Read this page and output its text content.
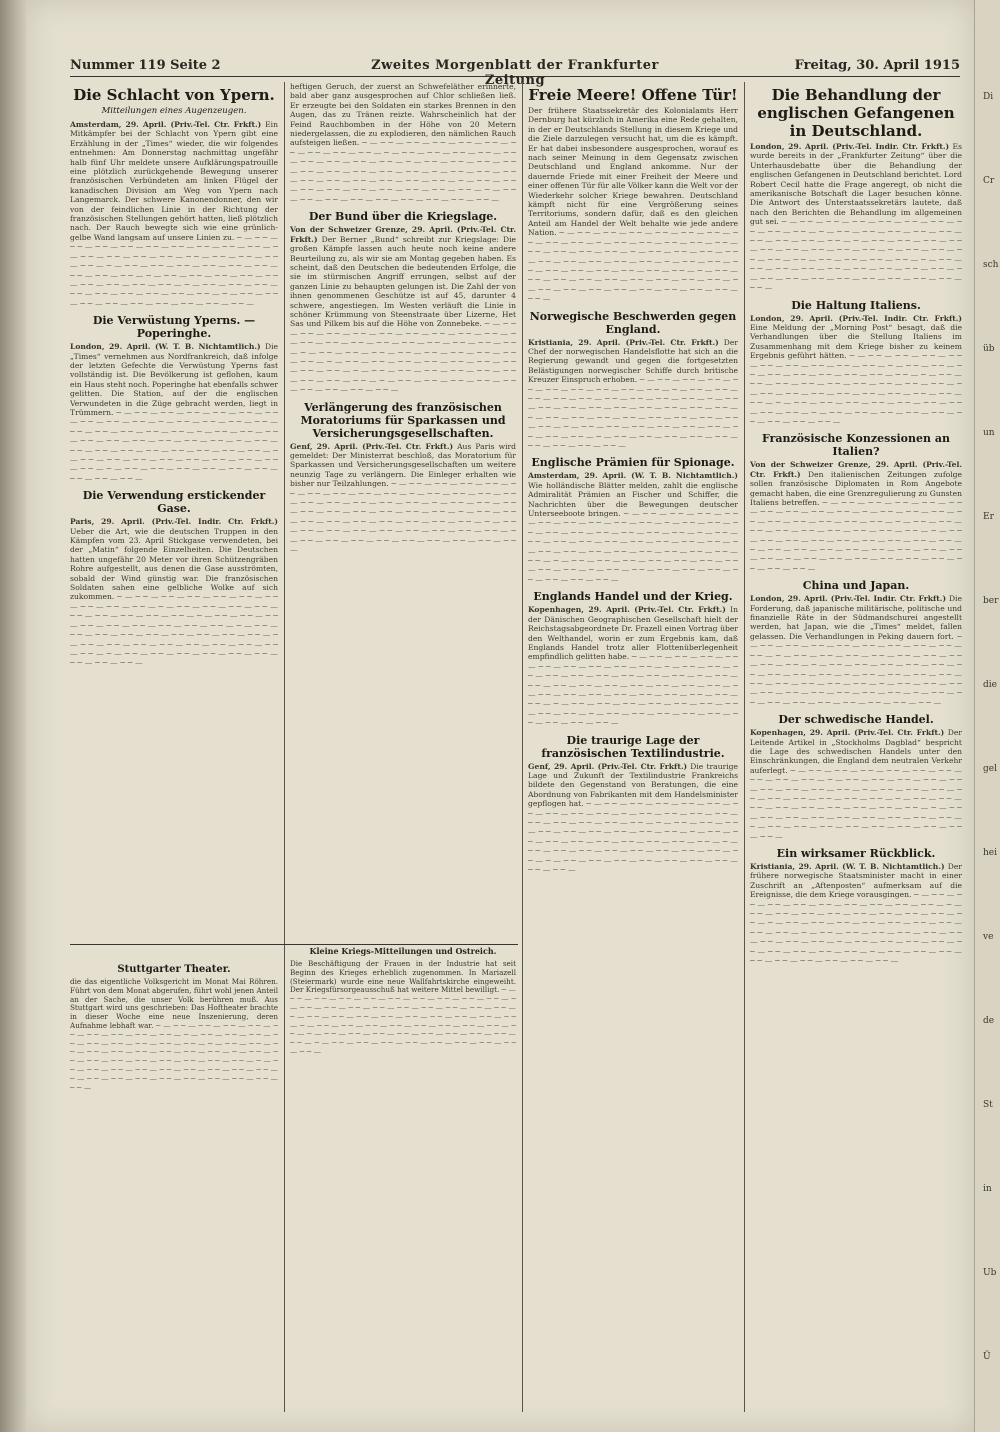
Di
Cr
sch
üb
un
Er
ber
die
gel
hei
ve
de
St
in
Ub
Ü
Nummer 119 Seite 2	Zweites Morgenblatt der Frankfurter Zeitung
Freitag, 30. April 1915
Die Schlacht von Ypern.
Mitteilungen eines Augenzeugen.
Amsterdam, 29. April. (Priv.-Tel. Ctr. Frkft.) Ein Mitkämpfer bei der Schlacht von Ypern gibt eine Erzählung in der „Times“ wieder, die wir folgendes entnehmen: Am Donnerstag nachmittag ungefähr halb fünf Uhr meldete unsere Aufklärungspatrouille eine plötzlich zurückgehende Bewegung unserer französischen Verbündeten am linken Flügel der kanadischen Division am Weg von Ypern nach Langemarck. Der schwere Kanonendonner, den wir von der feindlichen Linie in der Richtung der französischen Stellungen gehört hatten, ließ plötzlich nach. Der Rauch bewegte sich wie eine grünlich-gelbe Wand langsam auf unsere Linien zu. ─ — ─ ─ — ─ ─ — ─ ─ — ─ ─ — ─ ─ — ─ ─ — ─ ─ — ─ ─ — ─ ─ — ─ — ─ ─ — ─ ─ — ─ ─ — ─ ─ — ─ ─ — ─ ─ — ─ ─ — ─ ─ — ─ ─ — ─ — ─ ─ — ─ ─ — ─ ─ — ─ ─ — ─ ─ — ─ ─ — ─ ─ — ─ ─ — ─ ─ — ─ — ─ ─ — ─ ─ — ─ ─ — ─ ─ — ─ ─ — ─ ─ — ─ ─ — ─ ─ — ─ ─ — ─ — ─ ─ — ─ ─ — ─ ─ — ─ ─ — ─ ─ — ─ ─ — ─ ─ — ─ ─ — ─ ─ — ─ — ─ ─ — ─ ─ — ─ ─ — ─ ─ — ─ ─ — ─ ─ — ─ ─ — ─ ─ — ─ ─ —
Die Verwüstung Yperns. — Poperinghe.
London, 29. April. (W. T. B. Nichtamtlich.) Die „Times“ vernehmen aus Nordfrankreich, daß infolge der letzten Gefechte die Verwüstung Yperns fast vollständig ist. Die Bevölkerung ist geflohen, kaum ein Haus steht noch. Poperinghe hat ebenfalls schwer gelitten. Die Station, auf der die englischen Verwundeten in die Züge gebracht werden, liegt in Trümmern. ─ — ─ ─ — ─ ─ — ─ ─ — ─ ─ — ─ ─ — ─ ─ — ─ ─ — ─ ─ — ─ ─ — ─ — ─ ─ — ─ ─ — ─ ─ — ─ ─ — ─ ─ — ─ ─ — ─ ─ — ─ ─ — ─ ─ — ─ — ─ ─ — ─ ─ — ─ ─ — ─ ─ — ─ ─ — ─ ─ — ─ ─ — ─ ─ — ─ ─ — ─ — ─ ─ — ─ ─ — ─ ─ — ─ ─ — ─ ─ — ─ ─ — ─ ─ — ─ ─ — ─ ─ — ─ — ─ ─ — ─ ─ — ─ ─ — ─ ─ — ─ ─ — ─ ─ — ─ ─ — ─ ─ — ─ ─ — ─ — ─ ─ — ─ ─ — ─ ─ — ─ ─ — ─ ─ — ─ ─ — ─ ─ — ─ ─ — ─ ─ —
Die Verwendung erstickender Gase.
Paris, 29. April. (Priv.-Tel. Indir. Ctr. Frkft.) Ueber die Art, wie die deutschen Truppen in den Kämpfen vom 23. April Stickgase verwendeten, bei der „Matin“ folgende Einzelheiten. Die Deutschen hatten ungefähr 20 Meter vor ihren Schützengräben Rohre aufgestellt, aus denen die Gase ausströmten, sobald der Wind günstig war. Die französischen Soldaten sahen eine gelbliche Wolke auf sich zukommen. ─ — ─ ─ — ─ ─ — ─ ─ — ─ ─ — ─ ─ — ─ ─ — ─ ─ — ─ ─ — ─ ─ — ─ — ─ ─ — ─ ─ — ─ ─ — ─ ─ — ─ ─ — ─ ─ — ─ ─ — ─ ─ — ─ ─ — ─ — ─ ─ — ─ ─ — ─ ─ — ─ ─ — ─ ─ — ─ ─ — ─ ─ — ─ ─ — ─ ─ — ─ — ─ ─ — ─ ─ — ─ ─ — ─ ─ — ─ ─ — ─ ─ — ─ ─ — ─ ─ — ─ ─ — ─ — ─ ─ — ─ ─ — ─ ─ — ─ ─ — ─ ─ — ─ ─ — ─ ─ — ─ ─ — ─ ─ — ─ — ─ ─ — ─ ─ — ─ ─ — ─ ─ — ─ ─ — ─ ─ — ─ ─ — ─ ─ — ─ ─ —
heftigen Geruch, der zuerst an Schwefeläther erinnerte, bald aber ganz ausgesprochen auf Chlor schließen ließ. Er erzeugte bei den Soldaten ein starkes Brennen in den Augen, das zu Tränen reizte. Wahrscheinlich hat der Feind Rauchbomben in der Höhe von 20 Metern niedergelassen, die zu explodieren, den nämlichen Rauch aufsteigen ließen. ─ — ─ ─ — ─ ─ — ─ ─ — ─ ─ — ─ ─ — ─ ─ — ─ ─ — ─ ─ — ─ ─ — ─ — ─ ─ — ─ ─ — ─ ─ — ─ ─ — ─ ─ — ─ ─ — ─ ─ — ─ ─ — ─ ─ — ─ — ─ ─ — ─ ─ — ─ ─ — ─ ─ — ─ ─ — ─ ─ — ─ ─ — ─ ─ — ─ ─ — ─ — ─ ─ — ─ ─ — ─ ─ — ─ ─ — ─ ─ — ─ ─ — ─ ─ — ─ ─ — ─ ─ — ─ — ─ ─ — ─ ─ — ─ ─ — ─ ─ — ─ ─ — ─ ─ — ─ ─ — ─ ─ — ─ ─ — ─ — ─ ─ — ─ ─ — ─ ─ — ─ ─ — ─ ─ — ─ ─ — ─ ─ — ─ ─ — ─ ─ —
Der Bund über die Kriegslage.
Von der Schweizer Grenze, 29. April. (Priv.-Tel. Ctr. Frkft.) Der Berner „Bund“ schreibt zur Kriegslage: Die großen Kämpfe lassen auch heute noch keine andere Beurteilung zu, als wir sie am Montag gegeben haben. Es scheint, daß den Deutschen die bedeutenden Erfolge, die sie im stürmischen Angriff errungen, selbst auf der ganzen Linie zu behaupten gelungen ist. Die Zahl der von ihnen genommenen Geschütze ist auf 45, darunter 4 schwere, angestiegen. Im Westen verläuft die Linie in schöner Krümmung von Steenstraate über Lizerne, Het Sas und Pilkem bis auf die Höhe von Zonnebeke. ─ — ─ ─ — ─ ─ — ─ ─ — ─ ─ — ─ ─ — ─ ─ — ─ ─ — ─ ─ — ─ ─ — ─ — ─ ─ — ─ ─ — ─ ─ — ─ ─ — ─ ─ — ─ ─ — ─ ─ — ─ ─ — ─ ─ — ─ — ─ ─ — ─ ─ — ─ ─ — ─ ─ — ─ ─ — ─ ─ — ─ ─ — ─ ─ — ─ ─ — ─ — ─ ─ — ─ ─ — ─ ─ — ─ ─ — ─ ─ — ─ ─ — ─ ─ — ─ ─ — ─ ─ — ─ — ─ ─ — ─ ─ — ─ ─ — ─ ─ — ─ ─ — ─ ─ — ─ ─ — ─ ─ — ─ ─ — ─ — ─ ─ — ─ ─ — ─ ─ — ─ ─ — ─ ─ — ─ ─ — ─ ─ — ─ ─ — ─ ─ —
Verlängerung des französischen Moratoriums für Sparkassen und Versicherungsgesellschaften.
Genf, 29. April. (Priv.-Tel. Ctr. Frkft.) Aus Paris wird gemeldet: Der Ministerrat beschloß, das Moratorium für Sparkassen und Versicherungsgesellschaften um weitere neunzig Tage zu verlängern. Die Einleger erhalten wie bisher nur Teilzahlungen. ─ — ─ ─ — ─ ─ — ─ ─ — ─ ─ — ─ ─ — ─ ─ — ─ ─ — ─ ─ — ─ ─ — ─ — ─ ─ — ─ ─ — ─ ─ — ─ ─ — ─ ─ — ─ ─ — ─ ─ — ─ ─ — ─ ─ — ─ — ─ ─ — ─ ─ — ─ ─ — ─ ─ — ─ ─ — ─ ─ — ─ ─ — ─ ─ — ─ ─ — ─ — ─ ─ — ─ ─ — ─ ─ — ─ ─ — ─ ─ — ─ ─ — ─ ─ — ─ ─ — ─ ─ — ─ — ─ ─ — ─ ─ — ─ ─ — ─ ─ — ─ ─ — ─ ─ — ─ ─ — ─ ─ — ─ ─ — ─ — ─ ─ — ─ ─ — ─ ─ — ─ ─ — ─ ─ — ─ ─ — ─ ─ — ─ ─ — ─ ─ —
Freie Meere! Offene Tür!
Der frühere Staatssekretär des Kolonialamts Herr Dernburg hat kürzlich in Amerika eine Rede gehalten, in der er Deutschlands Stellung in diesem Kriege und die Ziele darzulegen versucht hat, um die es kämpft. Er hat dabei insbesondere ausgesprochen, worauf es nach seiner Meinung in dem Gegensatz zwischen Deutschland und England ankomme. Nur der dauernde Friede mit einer Freiheit der Meere und einer offenen Tür für alle Völker kann die Welt vor der Wiederkehr solcher Kriege bewahren. Deutschland kämpft nicht für eine Vergrößerung seines Territoriums, sondern dafür, daß es den gleichen Anteil am Handel der Welt behalte wie jede andere Nation. ─ — ─ ─ — ─ ─ — ─ ─ — ─ ─ — ─ ─ — ─ ─ — ─ ─ — ─ ─ — ─ ─ — ─ — ─ ─ — ─ ─ — ─ ─ — ─ ─ — ─ ─ — ─ ─ — ─ ─ — ─ ─ — ─ ─ — ─ — ─ ─ — ─ ─ — ─ ─ — ─ ─ — ─ ─ — ─ ─ — ─ ─ — ─ ─ — ─ ─ — ─ — ─ ─ — ─ ─ — ─ ─ — ─ ─ — ─ ─ — ─ ─ — ─ ─ — ─ ─ — ─ ─ — ─ — ─ ─ — ─ ─ — ─ ─ — ─ ─ — ─ ─ — ─ ─ — ─ ─ — ─ ─ — ─ ─ — ─ — ─ ─ — ─ ─ — ─ ─ — ─ ─ — ─ ─ — ─ ─ — ─ ─ — ─ ─ — ─ ─ —
Norwegische Beschwerden gegen England.
Kristiania, 29. April. (Priv.-Tel. Ctr. Frkft.) Der Chef der norwegischen Handelsflotte hat sich an die Regierung gewandt und gegen die fortgesetzten Belästigungen norwegischer Schiffe durch britische Kreuzer Einspruch erhoben. ─ — ─ ─ — ─ ─ — ─ ─ — ─ ─ — ─ ─ — ─ ─ — ─ ─ — ─ ─ — ─ ─ — ─ — ─ ─ — ─ ─ — ─ ─ — ─ ─ — ─ ─ — ─ ─ — ─ ─ — ─ ─ — ─ ─ — ─ — ─ ─ — ─ ─ — ─ ─ — ─ ─ — ─ ─ — ─ ─ — ─ ─ — ─ ─ — ─ ─ — ─ — ─ ─ — ─ ─ — ─ ─ — ─ ─ — ─ ─ — ─ ─ — ─ ─ — ─ ─ — ─ ─ — ─ — ─ ─ — ─ ─ — ─ ─ — ─ ─ — ─ ─ — ─ ─ — ─ ─ — ─ ─ — ─ ─ — ─ — ─ ─ — ─ ─ — ─ ─ — ─ ─ — ─ ─ — ─ ─ — ─ ─ — ─ ─ — ─ ─ —
Englische Prämien für Spionage.
Amsterdam, 29. April. (W. T. B. Nichtamtlich.) Wie holländische Blätter melden, zahlt die englische Admiralität Prämien an Fischer und Schiffer, die Nachrichten über die Bewegungen deutscher Unterseeboote bringen. ─ — ─ ─ — ─ ─ — ─ ─ — ─ ─ — ─ ─ — ─ ─ — ─ ─ — ─ ─ — ─ ─ — ─ — ─ ─ — ─ ─ — ─ ─ — ─ ─ — ─ ─ — ─ ─ — ─ ─ — ─ ─ — ─ ─ — ─ — ─ ─ — ─ ─ — ─ ─ — ─ ─ — ─ ─ — ─ ─ — ─ ─ — ─ ─ — ─ ─ — ─ — ─ ─ — ─ ─ — ─ ─ — ─ ─ — ─ ─ — ─ ─ — ─ ─ — ─ ─ — ─ ─ — ─ — ─ ─ — ─ ─ — ─ ─ — ─ ─ — ─ ─ — ─ ─ — ─ ─ — ─ ─ — ─ ─ — ─ — ─ ─ — ─ ─ — ─ ─ — ─ ─ — ─ ─ — ─ ─ — ─ ─ — ─ ─ — ─ ─ —
Englands Handel und der Krieg.
Kopenhagen, 29. April. (Priv.-Tel. Ctr. Frkft.) In der Dänischen Geographischen Gesellschaft hielt der Reichstagsabgeordnete Dr. Frazell einen Vortrag über den Welthandel, worin er zum Ergebnis kam, daß Englands Handel trotz aller Flottenüberlegenheit empfindlich gelitten habe. ─ — ─ ─ — ─ ─ — ─ ─ — ─ ─ — ─ ─ — ─ ─ — ─ ─ — ─ ─ — ─ ─ — ─ — ─ ─ — ─ ─ — ─ ─ — ─ ─ — ─ ─ — ─ ─ — ─ ─ — ─ ─ — ─ ─ — ─ — ─ ─ — ─ ─ — ─ ─ — ─ ─ — ─ ─ — ─ ─ — ─ ─ — ─ ─ — ─ ─ — ─ — ─ ─ — ─ ─ — ─ ─ — ─ ─ — ─ ─ — ─ ─ — ─ ─ — ─ ─ — ─ ─ — ─ — ─ ─ — ─ ─ — ─ ─ — ─ ─ — ─ ─ — ─ ─ — ─ ─ — ─ ─ — ─ ─ — ─ — ─ ─ — ─ ─ — ─ ─ — ─ ─ — ─ ─ — ─ ─ — ─ ─ — ─ ─ — ─ ─ —
Die traurige Lage der französischen Textilindustrie.
Genf, 29. April. (Priv.-Tel. Ctr. Frkft.) Die traurige Lage und Zukunft der Textilindustrie Frankreichs bildete den Gegenstand von Beratungen, die eine Abordnung von Fabrikanten mit dem Handelsminister gepflogen hat. ─ — ─ ─ — ─ ─ — ─ ─ — ─ ─ — ─ ─ — ─ ─ — ─ ─ — ─ ─ — ─ ─ — ─ — ─ ─ — ─ ─ — ─ ─ — ─ ─ — ─ ─ — ─ ─ — ─ ─ — ─ ─ — ─ ─ — ─ — ─ ─ — ─ ─ — ─ ─ — ─ ─ — ─ ─ — ─ ─ — ─ ─ — ─ ─ — ─ ─ — ─ — ─ ─ — ─ ─ — ─ ─ — ─ ─ — ─ ─ — ─ ─ — ─ ─ — ─ ─ — ─ ─ — ─ — ─ ─ — ─ ─ — ─ ─ — ─ ─ — ─ ─ — ─ ─ — ─ ─ — ─ ─ — ─ ─ — ─ — ─ ─ — ─ ─ — ─ ─ — ─ ─ — ─ ─ — ─ ─ — ─ ─ — ─ ─ — ─ ─ —
Die Behandlung der englischen Gefangenen in Deutschland.
London, 29. April. (Priv.-Tel. Indir. Ctr. Frkft.) Es wurde bereits in der „Frankfurter Zeitung“ über die Unterhausdebatte über die Behandlung der englischen Gefangenen in Deutschland berichtet. Lord Robert Cecil hatte die Frage angeregt, ob nicht die amerikanische Botschaft die Lager besuchen könne. Die Antwort des Unterstaatssekretärs lautete, daß nach den Berichten die Behandlung im allgemeinen gut sei. ─ — ─ ─ — ─ ─ — ─ ─ — ─ ─ — ─ ─ — ─ ─ — ─ ─ — ─ ─ — ─ ─ — ─ — ─ ─ — ─ ─ — ─ ─ — ─ ─ — ─ ─ — ─ ─ — ─ ─ — ─ ─ — ─ ─ — ─ — ─ ─ — ─ ─ — ─ ─ — ─ ─ — ─ ─ — ─ ─ — ─ ─ — ─ ─ — ─ ─ — ─ — ─ ─ — ─ ─ — ─ ─ — ─ ─ — ─ ─ — ─ ─ — ─ ─ — ─ ─ — ─ ─ — ─ — ─ ─ — ─ ─ — ─ ─ — ─ ─ — ─ ─ — ─ ─ — ─ ─ — ─ ─ — ─ ─ — ─ — ─ ─ — ─ ─ — ─ ─ — ─ ─ — ─ ─ — ─ ─ — ─ ─ — ─ ─ — ─ ─ —
Die Haltung Italiens.
London, 29. April. (Priv.-Tel. Indir. Ctr. Frkft.) Eine Meldung der „Morning Post“ besagt, daß die Verhandlungen über die Stellung Italiens im Zusammenhang mit dem Kriege bisher zu keinem Ergebnis geführt hätten. ─ — ─ ─ — ─ ─ — ─ ─ — ─ ─ — ─ ─ — ─ ─ — ─ ─ — ─ ─ — ─ ─ — ─ — ─ ─ — ─ ─ — ─ ─ — ─ ─ — ─ ─ — ─ ─ — ─ ─ — ─ ─ — ─ ─ — ─ — ─ ─ — ─ ─ — ─ ─ — ─ ─ — ─ ─ — ─ ─ — ─ ─ — ─ ─ — ─ ─ — ─ — ─ ─ — ─ ─ — ─ ─ — ─ ─ — ─ ─ — ─ ─ — ─ ─ — ─ ─ — ─ ─ — ─ — ─ ─ — ─ ─ — ─ ─ — ─ ─ — ─ ─ — ─ ─ — ─ ─ — ─ ─ — ─ ─ — ─ — ─ ─ — ─ ─ — ─ ─ — ─ ─ — ─ ─ — ─ ─ — ─ ─ — ─ ─ — ─ ─ —
Französische Konzessionen an Italien?
Von der Schweizer Grenze, 29. April. (Priv.-Tel. Ctr. Frkft.) Den italienischen Zeitungen zufolge sollen französische Diplomaten in Rom Angebote gemacht haben, die eine Grenzregulierung zu Gunsten Italiens betreffen. ─ — ─ ─ — ─ ─ — ─ ─ — ─ ─ — ─ ─ — ─ ─ — ─ ─ — ─ ─ — ─ ─ — ─ — ─ ─ — ─ ─ — ─ ─ — ─ ─ — ─ ─ — ─ ─ — ─ ─ — ─ ─ — ─ ─ — ─ — ─ ─ — ─ ─ — ─ ─ — ─ ─ — ─ ─ — ─ ─ — ─ ─ — ─ ─ — ─ ─ — ─ — ─ ─ — ─ ─ — ─ ─ — ─ ─ — ─ ─ — ─ ─ — ─ ─ — ─ ─ — ─ ─ — ─ — ─ ─ — ─ ─ — ─ ─ — ─ ─ — ─ ─ — ─ ─ — ─ ─ — ─ ─ — ─ ─ — ─ — ─ ─ — ─ ─ — ─ ─ — ─ ─ — ─ ─ — ─ ─ — ─ ─ — ─ ─ — ─ ─ —
China und Japan.
London, 29. April. (Priv.-Tel. Indir. Ctr. Frkft.) Die Forderung, daß japanische militärische, politische und finanzielle Räte in der Südmandschurei angestellt werden, hat Japan, wie die „Times“ meldet, fallen gelassen. Die Verhandlungen in Peking dauern fort. ─ — ─ ─ — ─ ─ — ─ ─ — ─ ─ — ─ ─ — ─ ─ — ─ ─ — ─ ─ — ─ ─ — ─ — ─ ─ — ─ ─ — ─ ─ — ─ ─ — ─ ─ — ─ ─ — ─ ─ — ─ ─ — ─ ─ — ─ — ─ ─ — ─ ─ — ─ ─ — ─ ─ — ─ ─ — ─ ─ — ─ ─ — ─ ─ — ─ ─ — ─ — ─ ─ — ─ ─ — ─ ─ — ─ ─ — ─ ─ — ─ ─ — ─ ─ — ─ ─ — ─ ─ — ─ — ─ ─ — ─ ─ — ─ ─ — ─ ─ — ─ ─ — ─ ─ — ─ ─ — ─ ─ — ─ ─ — ─ — ─ ─ — ─ ─ — ─ ─ — ─ ─ — ─ ─ — ─ ─ — ─ ─ — ─ ─ — ─ ─ —
Der schwedische Handel.
Kopenhagen, 29. April. (Priv.-Tel. Ctr. Frkft.) Der Leitende Artikel in „Stockholms Dagblad“ bespricht die Lage des schwedischen Handels unter den Einschränkungen, die England dem neutralen Verkehr auferlegt. ─ — ─ ─ — ─ ─ — ─ ─ — ─ ─ — ─ ─ — ─ ─ — ─ ─ — ─ ─ — ─ ─ — ─ — ─ ─ — ─ ─ — ─ ─ — ─ ─ — ─ ─ — ─ ─ — ─ ─ — ─ ─ — ─ ─ — ─ — ─ ─ — ─ ─ — ─ ─ — ─ ─ — ─ ─ — ─ ─ — ─ ─ — ─ ─ — ─ ─ — ─ — ─ ─ — ─ ─ — ─ ─ — ─ ─ — ─ ─ — ─ ─ — ─ ─ — ─ ─ — ─ ─ — ─ — ─ ─ — ─ ─ — ─ ─ — ─ ─ — ─ ─ — ─ ─ — ─ ─ — ─ ─ — ─ ─ — ─ — ─ ─ — ─ ─ — ─ ─ — ─ ─ — ─ ─ — ─ ─ — ─ ─ — ─ ─ — ─ ─ —
Ein wirksamer Rückblick.
Kristiania, 29. April. (W. T. B. Nichtamtlich.) Der frühere norwegische Staatsminister macht in einer Zuschrift an „Aftenposten“ aufmerksam auf die Ereignisse, die dem Kriege vorausgingen. ─ — ─ ─ — ─ ─ — ─ ─ — ─ ─ — ─ ─ — ─ ─ — ─ ─ — ─ ─ — ─ ─ — ─ — ─ ─ — ─ ─ — ─ ─ — ─ ─ — ─ ─ — ─ ─ — ─ ─ — ─ ─ — ─ ─ — ─ — ─ ─ — ─ ─ — ─ ─ — ─ ─ — ─ ─ — ─ ─ — ─ ─ — ─ ─ — ─ ─ — ─ — ─ ─ — ─ ─ — ─ ─ — ─ ─ — ─ ─ — ─ ─ — ─ ─ — ─ ─ — ─ ─ — ─ — ─ ─ — ─ ─ — ─ ─ — ─ ─ — ─ ─ — ─ ─ — ─ ─ — ─ ─ — ─ ─ — ─ — ─ ─ — ─ ─ — ─ ─ — ─ ─ — ─ ─ — ─ ─ — ─ ─ — ─ ─ — ─ ─ —
Stuttgarter Theater.
die das eigentliche Volksgericht im Monat Mai Röhren. Führt von dem Monat abgerufen, führt wohl jenen Anteil an der Sache, die unser Volk berühren muß. Aus Stuttgart wird uns geschrieben: Das Hoftheater brachte in dieser Woche eine neue Inszenierung, deren Aufnahme lebhaft war. ─ — ─ ─ — ─ ─ — ─ ─ — ─ ─ — ─ ─ — ─ ─ — ─ ─ — ─ ─ — ─ ─ — ─ — ─ ─ — ─ ─ — ─ ─ — ─ ─ — ─ ─ — ─ ─ — ─ ─ — ─ ─ — ─ ─ — ─ — ─ ─ — ─ ─ — ─ ─ — ─ ─ — ─ ─ — ─ ─ — ─ ─ — ─ ─ — ─ ─ — ─ — ─ ─ — ─ ─ — ─ ─ — ─ ─ — ─ ─ — ─ ─ — ─ ─ — ─ ─ — ─ ─ — ─ — ─ ─ — ─ ─ — ─ ─ — ─ ─ — ─ ─ — ─ ─ — ─ ─ — ─ ─ — ─ ─ — ─ — ─ ─ — ─ ─ — ─ ─ — ─ ─ — ─ ─ — ─ ─ — ─ ─ — ─ ─ — ─ ─ —
Kleine Kriegs-Mitteilungen und Ostreich.
Die Beschäftigung der Frauen in der Industrie hat seit Beginn des Krieges erheblich zugenommen. In Mariazell (Steiermark) wurde eine neue Wallfahrtskirche eingeweiht. Der Kriegsfürsorgeausschuß hat weitere Mittel bewilligt. ─ — ─ ─ — ─ ─ — ─ ─ — ─ ─ — ─ ─ — ─ ─ — ─ ─ — ─ ─ — ─ ─ — ─ — ─ ─ — ─ ─ — ─ ─ — ─ ─ — ─ ─ — ─ ─ — ─ ─ — ─ ─ — ─ ─ — ─ — ─ ─ — ─ ─ — ─ ─ — ─ ─ — ─ ─ — ─ ─ — ─ ─ — ─ ─ — ─ ─ — ─ — ─ ─ — ─ ─ — ─ ─ — ─ ─ — ─ ─ — ─ ─ — ─ ─ — ─ ─ — ─ ─ — ─ — ─ ─ — ─ ─ — ─ ─ — ─ ─ — ─ ─ — ─ ─ — ─ ─ — ─ ─ — ─ ─ — ─ — ─ ─ — ─ ─ — ─ ─ — ─ ─ — ─ ─ — ─ ─ — ─ ─ — ─ ─ — ─ ─ —
